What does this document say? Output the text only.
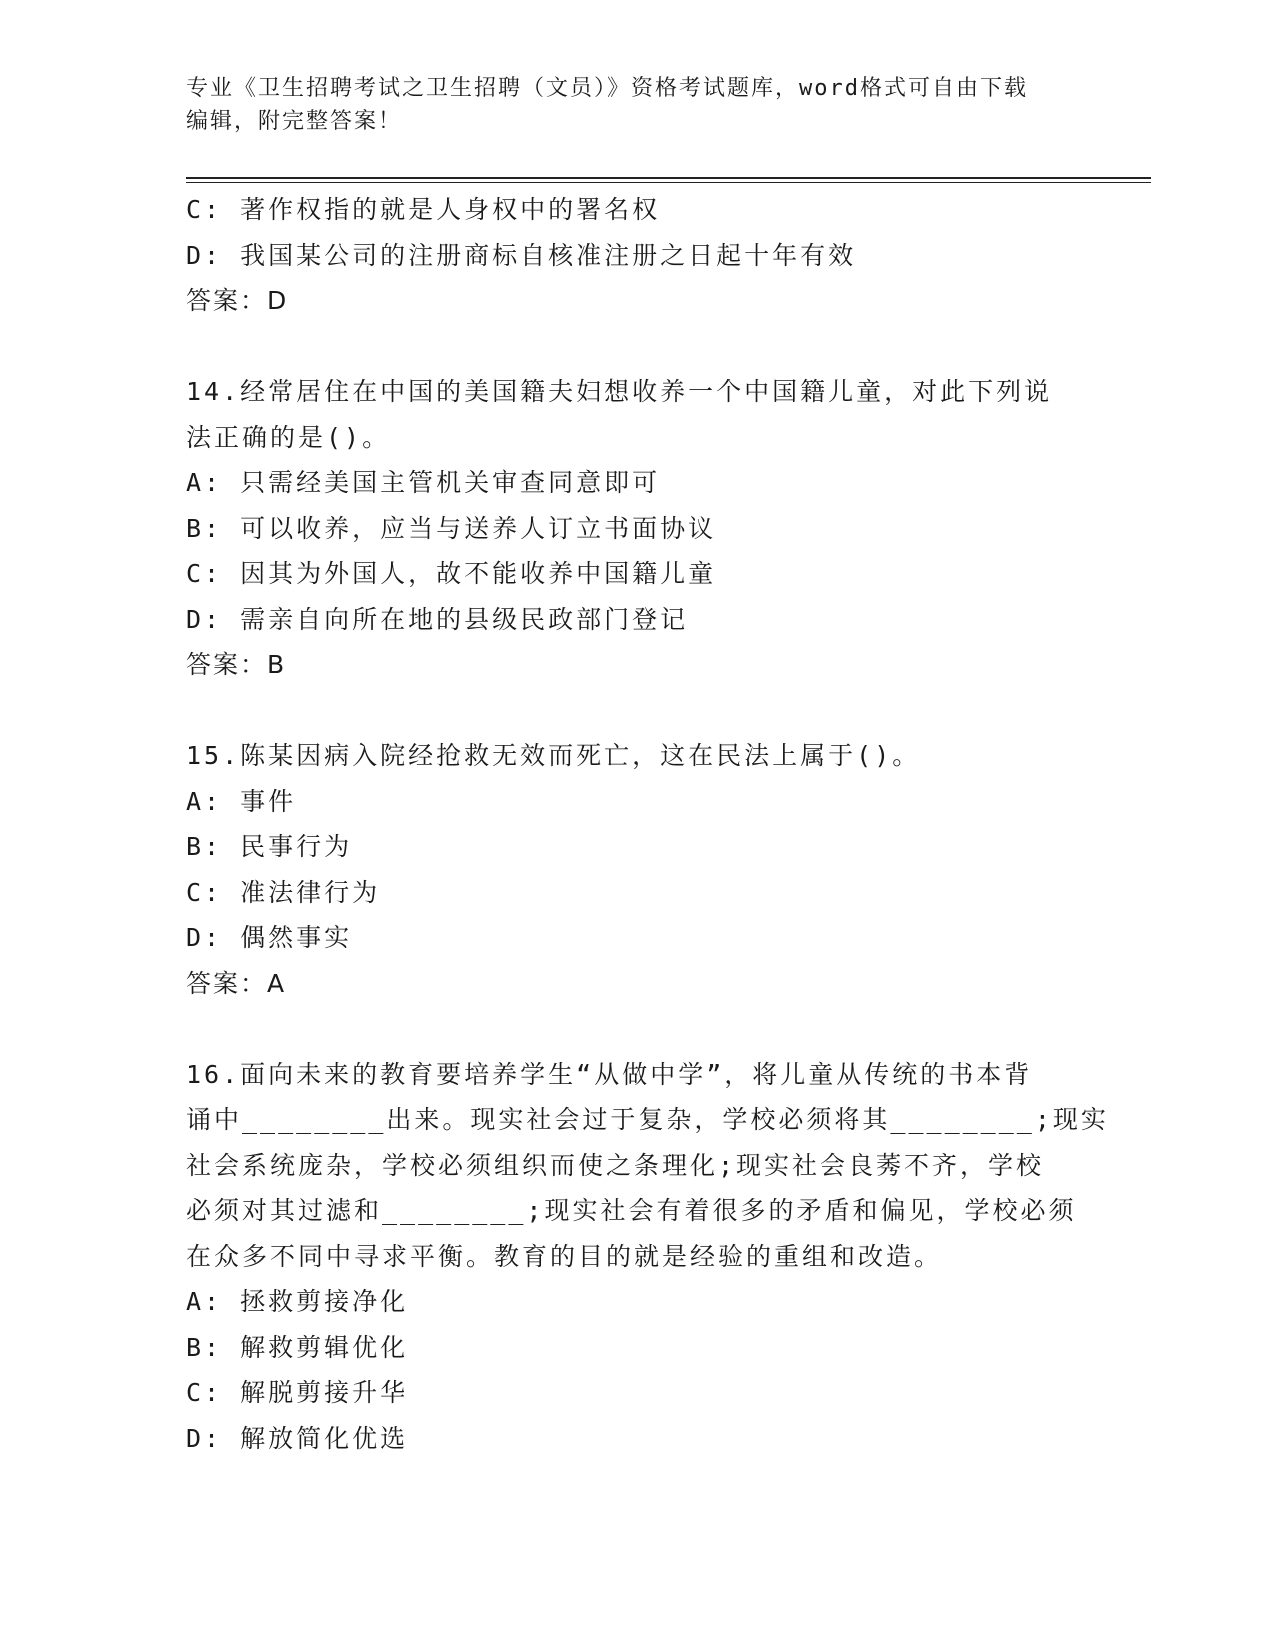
专业《卫生招聘考试之卫生招聘（文员）》资格考试题库，word格式可自由下载
编辑，附完整答案！
C: 著作权指的就是人身权中的署名权
D: 我国某公司的注册商标自核准注册之日起十年有效
答案：D
14.经常居住在中国的美国籍夫妇想收养一个中国籍儿童，对此下列说
法正确的是()。
A: 只需经美国主管机关审查同意即可
B: 可以收养，应当与送养人订立书面协议
C: 因其为外国人，故不能收养中国籍儿童
D: 需亲自向所在地的县级民政部门登记
答案：B
15.陈某因病入院经抢救无效而死亡，这在民法上属于()。
A: 事件
B: 民事行为
C: 准法律行为
D: 偶然事实
答案：A
16.面向未来的教育要培养学生“从做中学”，将儿童从传统的书本背
诵中________出来。现实社会过于复杂，学校必须将其________;现实
社会系统庞杂，学校必须组织而使之条理化;现实社会良莠不齐，学校
必须对其过滤和________;现实社会有着很多的矛盾和偏见，学校必须
在众多不同中寻求平衡。教育的目的就是经验的重组和改造。
A: 拯救剪接净化
B: 解救剪辑优化
C: 解脱剪接升华
D: 解放简化优选
